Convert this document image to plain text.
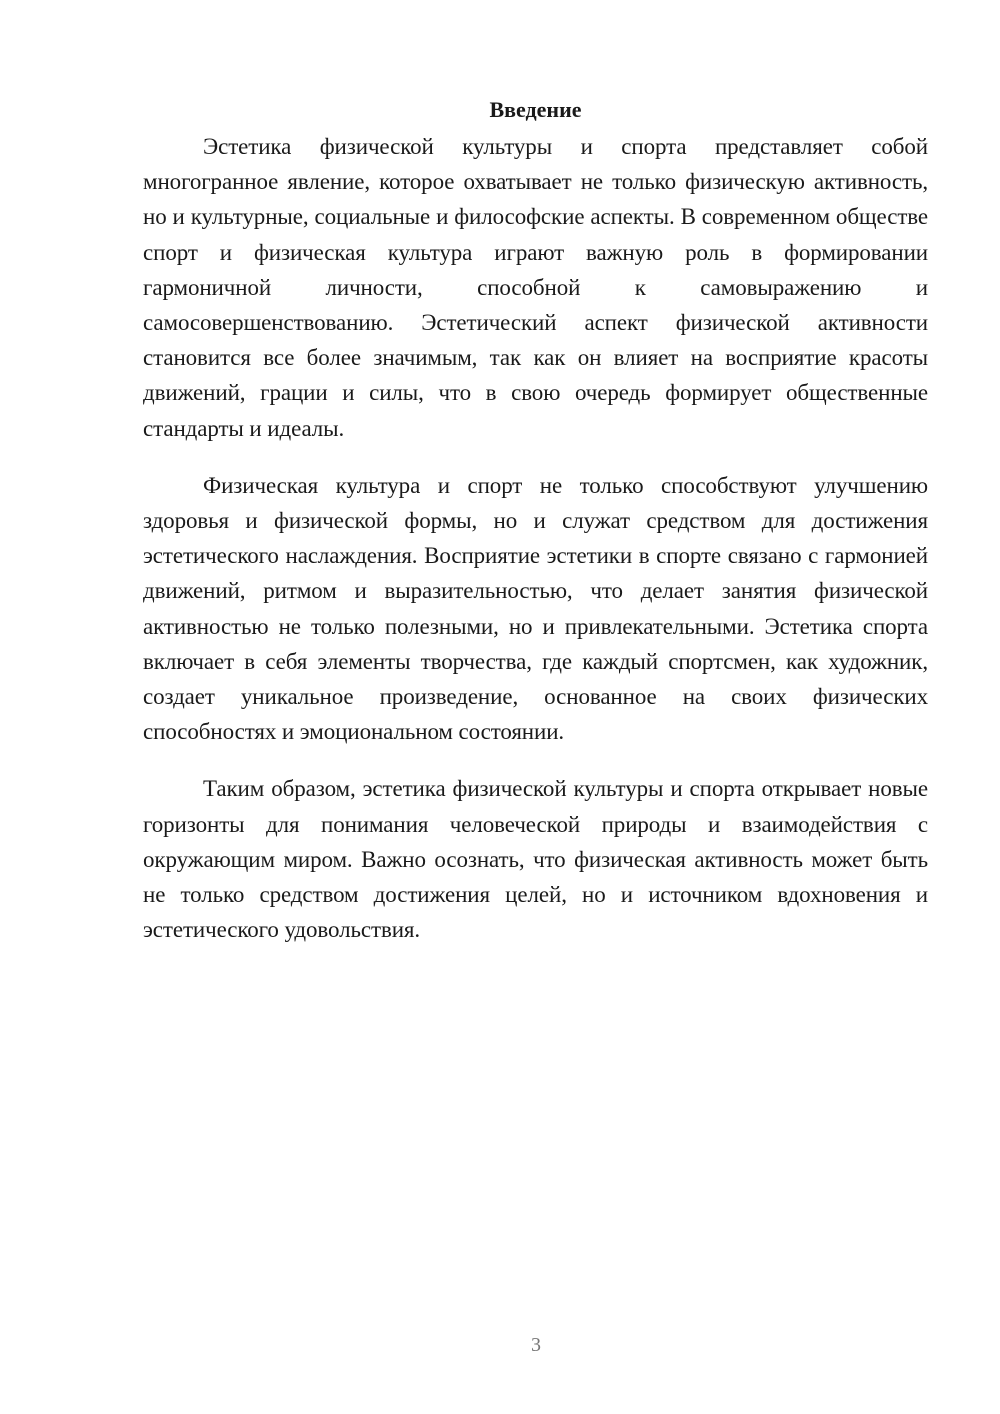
Введение

Эстетика физической культуры и спорта представляет собой многогранное явление, которое охватывает не только физическую активность, но и культурные, социальные и философские аспекты. В современном обществе спорт и физическая культура играют важную роль в формировании гармоничной личности, способной к самовыражению и самосовершенствованию. Эстетический аспект физической активности становится все более значимым, так как он влияет на восприятие красоты движений, грации и силы, что в свою очередь формирует общественные стандарты и идеалы.

Физическая культура и спорт не только способствуют улучшению здоровья и физической формы, но и служат средством для достижения эстетического наслаждения. Восприятие эстетики в спорте связано с гармонией движений, ритмом и выразительностью, что делает занятия физической активностью не только полезными, но и привлекательными. Эстетика спорта включает в себя элементы творчества, где каждый спортсмен, как художник, создает уникальное произведение, основанное на своих физических способностях и эмоциональном состоянии.

Таким образом, эстетика физической культуры и спорта открывает новые горизонты для понимания человеческой природы и взаимодействия с окружающим миром. Важно осознать, что физическая активность может быть не только средством достижения целей, но и источником вдохновения и эстетического удовольствия.

3
